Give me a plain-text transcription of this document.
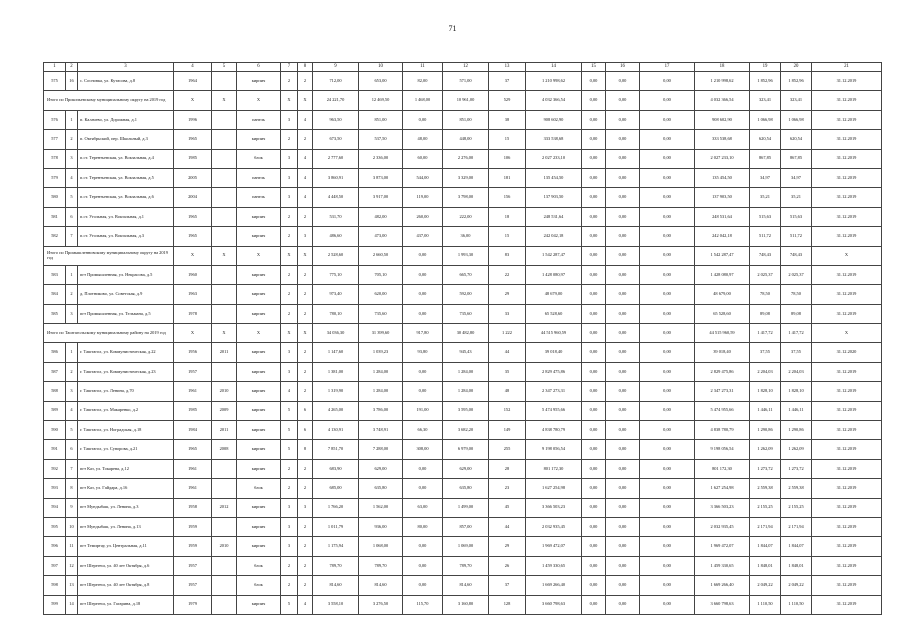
71
1	2	3	4	5	6	7	8	9	10	11	12	13	14	15	16	17	18	19	20	21
575	16	с. Сосновка, ул. Кутасова, д.8	1964		кирпич	2	2	712,00	653,00	82,00	571,00	37	1 210 998,62	0,00	0,00	0,00	1 210 998,62	1 852,96	1 852,96	31.12.2019
Итого по Прокопьевскому муниципальному округу на 2019 год			X	X	X	X	X	24 221,70	12 469,50	1 468,00	10 961,00	529	4 032 366,54	0,00	0,00	0,00	4 032 366,54	323,41	323,41	31.12.2019
576	1	п. Калачево, ул. Дорожная, д.1	1996		панель	3	4	963,50	851,00	0,00	851,00	38	908 602,90	0,00	0,00	0,00	908 602,90	1 066,98	1 066,98	31.12.2019
577	2	п. Октябрьский, пер. Школьный, д.3	1965		кирпич	2	2	673,50	537,50	48,00	448,00	15	333 538,68	0,00	0,00	0,00	333 538,68	620,54	620,54	31.12.2019
578	3	п.ст. Терентьевская, ул. Вокзальная, д.4	1985		блок	3	4	2 777,60	2 336,00	60,00	2 276,00	106	2 027 233,10	0,00	0,00	0,00	2 027 233,10	867,85	867,85	31.12.2019
579	4	п.ст. Терентьевская, ул. Вокзальная, д.5	2005		панель	3	4	3 860,91	3 873,00	544,00	3 329,00	181	135 454,50	0,00	0,00	0,00	135 454,50	34,97	34,97	31.12.2019
580	5	п.ст. Терентьевская, ул. Вокзальная, д.6	2004		панель	3	4	4 448,50	3 917,00	119,00	3 798,00	156	137 903,50	0,00	0,00	0,00	137 903,50	35,21	35,21	31.12.2019
581	6	п.ст. Угольная, ул. Вокзальная, д.1	1965		кирпич	2	2	531,70	482,00	260,00	222,00	18	248 531,64	0,00	0,00	0,00	248 531,64	515,63	515,63	31.12.2019
582	7	п.ст. Угольная, ул. Вокзальная, д.3	1965		кирпич	2	3	486,60	473,00	437,00	36,00	15	242 042,18	0,00	0,00	0,00	242 042,18	511,72	511,72	31.12.2019
Итого по Промышленновскому муниципальному округу на 2019 год			X	X	X	X	X	2 528,60	2 660,50	0,00	1 993,30	83	1 542 287,47	0,00	0,00	0,00	1 542 287,47	748,43	748,43	X
583	1	пгт Промышленная, ул. Некрасова, д.5	1960		кирпич	2	2	775,10	705,10	0,00	665,70	22	1 428 080,97	0,00	0,00	0,00	1 428 080,97	2 025,37	2 025,37	31.12.2019
584	2	д. Плотниково, ул. Советская, д.9	1963		кирпич	2	2	973,40	620,00	0,00	592,00	29	48 679,00	0,00	0,00	0,00	48 679,00	78,50	78,50	31.12.2019
585	3	пгт Промышленная, ул. Тельмана, д.5	1978		кирпич	2	2	780,10	735,60	0,00	735,60	33	65 528,60	0,00	0,00	0,00	65 528,60	89,08	89,08	31.12.2019
Итого по Таштагольскому муниципальному району на 2019 год			X	X	X	X	X	34 036,30	31 399,60	917,80	30 482,80	1 222	44 515 960,59	0,00	0,00	0,00	44 515 960,59	1 417,72	1 417,72	X
586	1	г. Таштагол, ул. Коммунистическая, д.22	1956	2011	кирпич	3	2	1 147,60	1 039,23	93,80	945,43	44	39 018,40	0,00	0,00	0,00	39 018,40	37,55	37,55	31.12.2020
587	2	г. Таштагол, ул. Коммунистическая, д.23	1957		кирпич	3	2	1 381,00	1 284,00	0,00	1 284,00	35	2 829 475,86	0,00	0,00	0,00	2 829 475,86	2 204,03	2 204,03	31.12.2019
588	3	г. Таштагол, ул. Ленина, д.70	1961	2010	кирпич	4	2	1 319,90	1 284,00	0,00	1 284,00	48	2 347 273,31	0,00	0,00	0,00	2 347 273,31	1 828,10	1 828,10	31.12.2019
589	4	г. Таштагол, ул. Макаренко, д.2	1985	2009	кирпич	5	6	4 265,00	3 786,00	191,00	3 595,00	152	5 474 955,66	0,00	0,00	0,00	5 474 955,66	1 446,11	1 446,11	31.12.2019
590	5	г. Таштагол, ул. Ноградская, д.18	1984	2011	кирпич	5	6	4 130,91	3 748,91	66,30	3 682,20	149	4 838 780,79	0,00	0,00	0,00	4 838 780,79	1 290,86	1 290,86	31.12.2019
591	6	г. Таштагол, ул. Суворова, д.21	1965	2008	кирпич	5	8	7 851,70	7 288,00	308,00	6 979,00	255	9 198 056,54	0,00	0,00	0,00	9 198 056,54	1 262,09	1 262,09	31.12.2019
592	7	пгт Каз, ул. Токарева, д.12	1961		кирпич	2	2	683,90	629,00	0,00	629,00	28	801 172,30	0,00	0,00	0,00	801 172,30	1 273,72	1 273,72	31.12.2019
593	8	пгт Каз, ул. Гайдара, д.16	1961		блок	2	2	685,00	635,80	0,00	635,80	23	1 627 254,98	0,00	0,00	0,00	1 627 254,98	2 559,38	2 559,38	31.12.2019
594	9	пгт Мундыбаш, ул. Ленина, д.3	1958	2012	кирпич	3	3	1 766,20	1 562,00	63,00	1 499,00	45	3 366 503,23	0,00	0,00	0,00	3 366 503,23	2 155,25	2 155,25	31.12.2019
595	10	пгт Мундыбаш, ул. Ленина, д.13	1959		кирпич	3	2	1 011,79	936,00	80,00	857,00	44	2 032 935,45	0,00	0,00	0,00	2 032 935,45	2 171,94	2 171,94	31.12.2019
596	11	пгт Темиртау, ул. Центральная, д.11	1959	2010	кирпич	3	2	1 175,94	1 068,00	0,00	1 069,00	29	1 969 472,07	0,00	0,00	0,00	1 969 472,07	1 844,07	1 844,07	31.12.2019
597	12	пгт Шерегеш, ул. 40 лет Октября, д.6	1957		блок	2	2	789,70	789,70	0,00	789,70	26	1 459 330,65	0,00	0,00	0,00	1 459 330,65	1 848,01	1 848,01	31.12.2019
598	13	пгт Шерегеш, ул. 40 лет Октября, д.8	1957		блок	2	2	814,60	814,60	0,00	814,60	37	1 669 266,40	0,00	0,00	0,00	1 669 266,40	2 049,22	2 049,22	31.12.2019
599	14	пгт Шерегеш, ул. Гагарина, д.18	1979		кирпич	5	4	3 558,10	3 276,50	115,70	3 160,80	128	3 660 798,63	0,00	0,00	0,00	3 660 798,63	1 110,50	1 110,50	31.12.2019
